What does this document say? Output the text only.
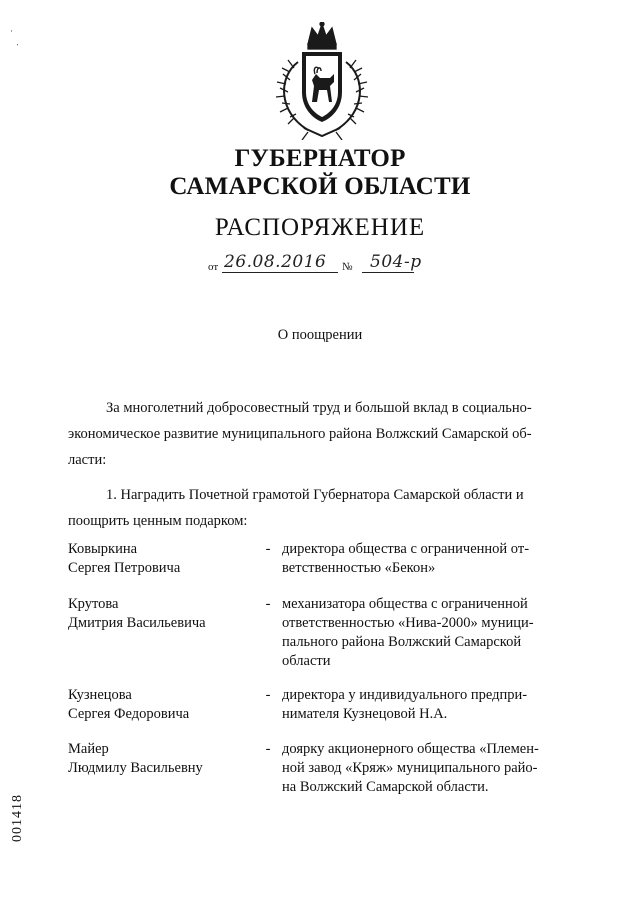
·
‧
ГУБЕРНАТОР
САМАРСКОЙ ОБЛАСТИ
РАСПОРЯЖЕНИЕ
от 26.08.2016 № 504-р
О поощрении
За многолетний добросовестный труд и большой вклад в социально-
экономическое развитие муниципального района Волжский Самарской об-
ласти:
1. Наградить Почетной грамотой Губернатора Самарской области и
поощрить ценным подарком:
Ковыркина
Сергея Петровича
- директора общества с ограниченной от-
ветственностью «Бекон»
Крутова
Дмитрия Васильевича
- механизатора общества с ограниченной
ответственностью «Нива-2000» муници-
пального района Волжский Самарской
области
Кузнецова
Сергея Федоровича
- директора у индивидуального предпри-
нимателя Кузнецовой Н.А.
Майер
Людмилу Васильевну
- доярку акционерного общества «Племен-
ной завод «Кряж» муниципального райо-
на Волжский Самарской области.
001418
